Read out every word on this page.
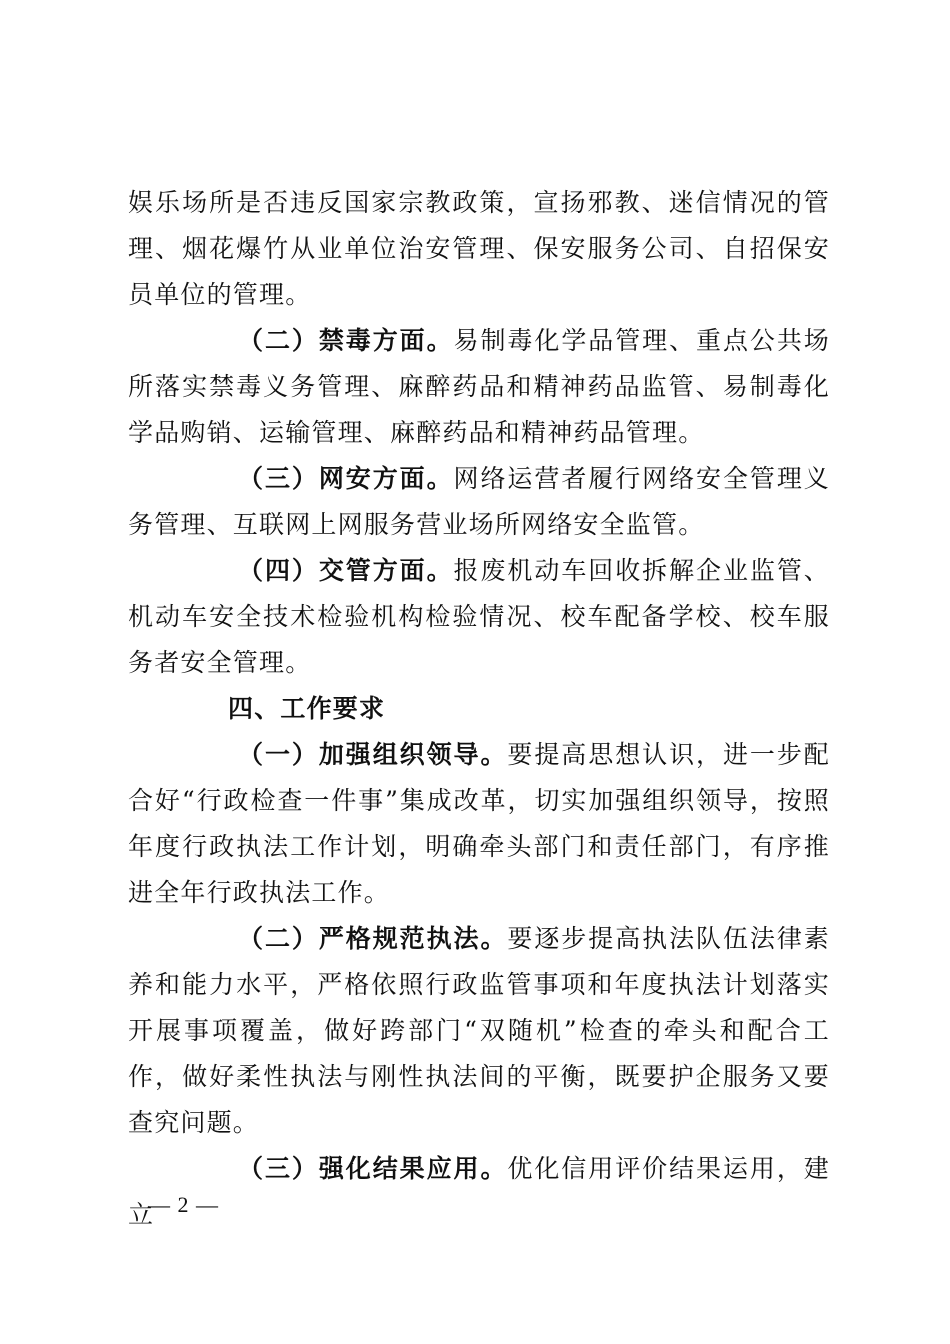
娱乐场所是否违反国家宗教政策，宣扬邪教、迷信情况的管理、烟花爆竹从业单位治安管理、保安服务公司、自招保安员单位的管理。

（二）禁毒方面。易制毒化学品管理、重点公共场所落实禁毒义务管理、麻醉药品和精神药品监管、易制毒化学品购销、运输管理、麻醉药品和精神药品管理。

（三）网安方面。网络运营者履行网络安全管理义务管理、互联网上网服务营业场所网络安全监管。

（四）交管方面。报废机动车回收拆解企业监管、机动车安全技术检验机构检验情况、校车配备学校、校车服务者安全管理。

四、工作要求

（一）加强组织领导。要提高思想认识，进一步配合好“行政检查一件事”集成改革，切实加强组织领导，按照年度行政执法工作计划，明确牵头部门和责任部门，有序推进全年行政执法工作。

（二）严格规范执法。要逐步提高执法队伍法律素养和能力水平，严格依照行政监管事项和年度执法计划落实开展事项覆盖，做好跨部门“双随机”检查的牵头和配合工作，做好柔性执法与刚性执法间的平衡，既要护企服务又要查究问题。

（三）强化结果应用。优化信用评价结果运用，建立

— 2 —
